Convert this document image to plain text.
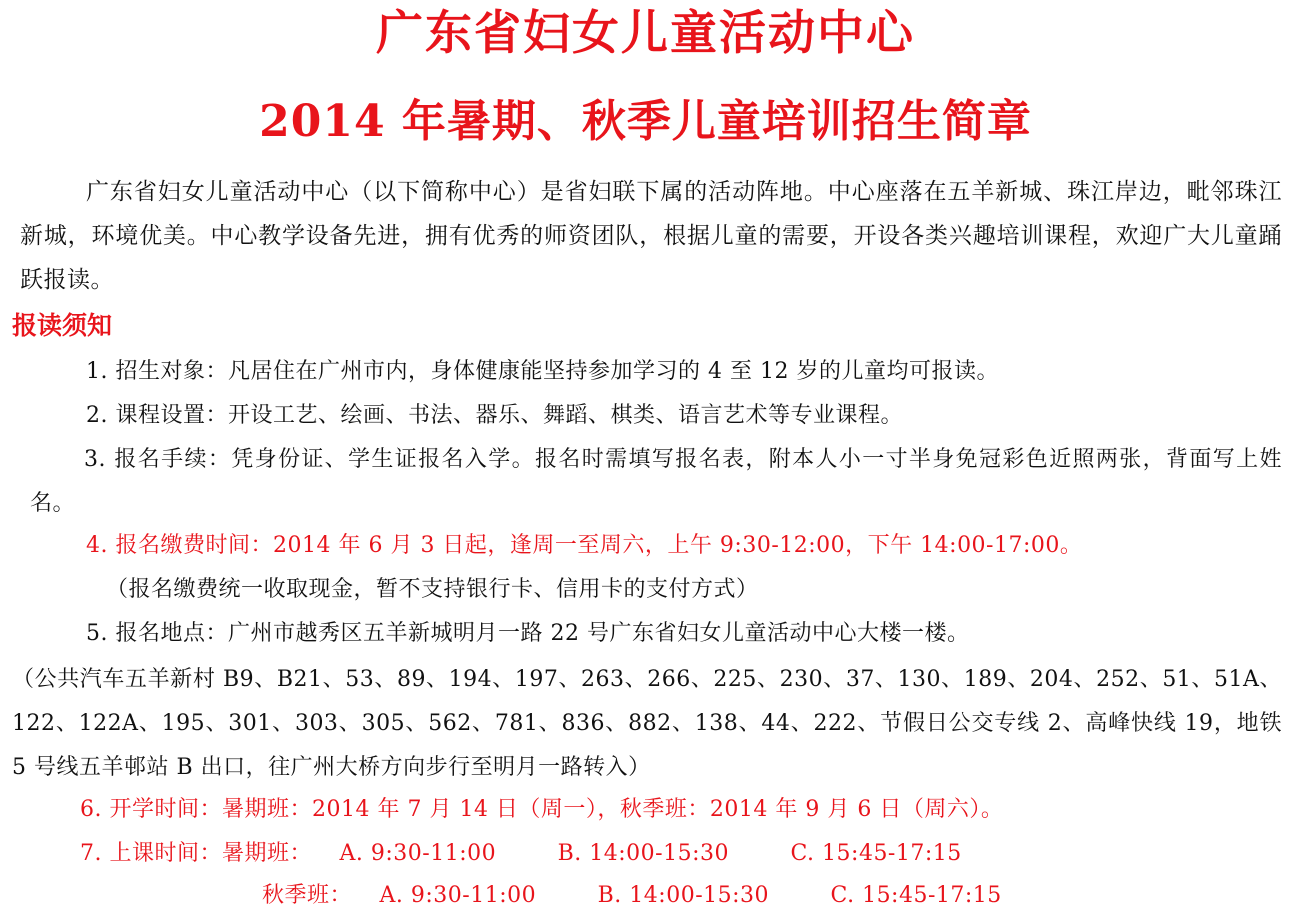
广东省妇女儿童活动中心
2014 年暑期、秋季儿童培训招生简章
广东省妇女儿童活动中心（以下简称中心）是省妇联下属的活动阵地。中心座落在五羊新城、珠江岸边，毗邻珠江新城，环境优美。中心教学设备先进，拥有优秀的师资团队，根据儿童的需要，开设各类兴趣培训课程，欢迎广大儿童踊跃报读。
报读须知
1. 招生对象：凡居住在广州市内，身体健康能坚持参加学习的 4 至 12 岁的儿童均可报读。
2. 课程设置：开设工艺、绘画、书法、器乐、舞蹈、棋类、语言艺术等专业课程。
3. 报名手续：凭身份证、学生证报名入学。报名时需填写报名表，附本人小一寸半身免冠彩色近照两张，背面写上姓名。
4. 报名缴费时间：2014 年 6 月 3 日起，逢周一至周六，上午 9:30-12:00，下午 14:00-17:00。
（报名缴费统一收取现金，暂不支持银行卡、信用卡的支付方式）
5. 报名地点：广州市越秀区五羊新城明月一路 22 号广东省妇女儿童活动中心大楼一楼。
（公共汽车五羊新村 B9、B21、53、89、194、197、263、266、225、230、37、130、189、204、252、51、51A、122、122A、195、301、303、305、562、781、836、882、138、44、222、节假日公交专线 2、高峰快线 19，地铁 5 号线五羊邨站 B 出口，往广州大桥方向步行至明月一路转入）
6. 开学时间：暑期班：2014 年 7 月 14 日（周一），秋季班：2014 年 9 月 6 日（周六）。
7. 上课时间：暑期班： A. 9:30-11:00	B. 14:00-15:30	C. 15:45-17:15
秋季班： A. 9:30-11:00	B. 14:00-15:30	C. 15:45-17:15
